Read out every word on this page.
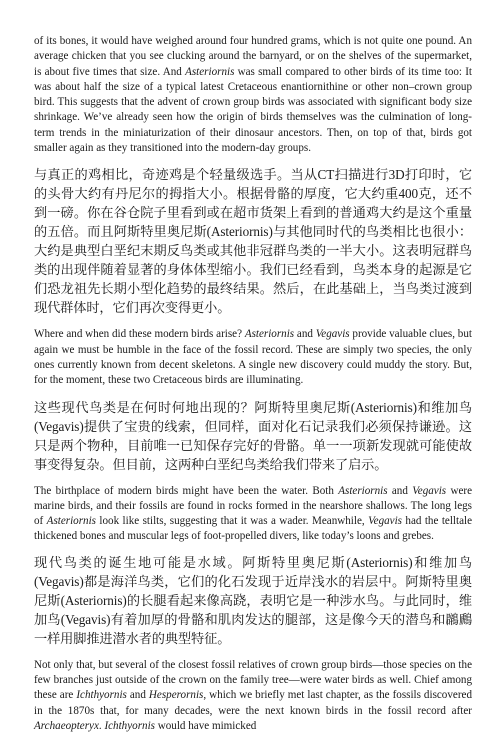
of its bones, it would have weighed around four hundred grams, which is not quite one pound. An average chicken that you see clucking around the barnyard, or on the shelves of the supermarket, is about five times that size. And Asteriornis was small compared to other birds of its time too: It was about half the size of a typical latest Cretaceous enantiornithine or other non–crown group bird. This suggests that the advent of crown group birds was associated with significant body size shrinkage. We’ve already seen how the origin of birds themselves was the culmination of long-term trends in the miniaturization of their dinosaur ancestors. Then, on top of that, birds got smaller again as they transitioned into the modern-day groups.

与真正的鸡相比，奇迹鸡是个轻量级选手。当从CT扫描进行3D打印时，它的头骨大约有丹尼尔的拇指大小。根据骨骼的厚度，它大约重400克，还不到一磅。你在谷仓院子里看到或在超市货架上看到的普通鸡大约是这个重量的五倍。而且阿斯特里奥尼斯(Asteriornis)与其他同时代的鸟类相比也很小：大约是典型白垩纪末期反鸟类或其他非冠群鸟类的一半大小。这表明冠群鸟类的出现伴随着显著的身体体型缩小。我们已经看到，鸟类本身的起源是它们恐龙祖先长期小型化趋势的最终结果。然后，在此基础上，当鸟类过渡到现代群体时，它们再次变得更小。

Where and when did these modern birds arise? Asteriornis and Vegavis provide valuable clues, but again we must be humble in the face of the fossil record. These are simply two species, the only ones currently known from decent skeletons. A single new discovery could muddy the story. But, for the moment, these two Cretaceous birds are illuminating.

这些现代鸟类是在何时何地出现的？阿斯特里奥尼斯(Asteriornis)和维加鸟(Vegavis)提供了宝贵的线索，但同样，面对化石记录我们必须保持谦逊。这只是两个物种，目前唯一已知保存完好的骨骼。单一一项新发现就可能使故事变得复杂。但目前，这两种白垩纪鸟类给我们带来了启示。

The birthplace of modern birds might have been the water. Both Asteriornis and Vegavis were marine birds, and their fossils are found in rocks formed in the nearshore shallows. The long legs of Asteriornis look like stilts, suggesting that it was a wader. Meanwhile, Vegavis had the telltale thickened bones and muscular legs of foot-propelled divers, like today’s loons and grebes.

现代鸟类的诞生地可能是水域。阿斯特里奥尼斯(Asteriornis)和维加鸟(Vegavis)都是海洋鸟类，它们的化石发现于近岸浅水的岩层中。阿斯特里奥尼斯(Asteriornis)的长腿看起来像高跷，表明它是一种涉水鸟。与此同时，维加鸟(Vegavis)有着加厚的骨骼和肌肉发达的腿部，这是像今天的潜鸟和鸊鷉一样用脚推进潜水者的典型特征。

Not only that, but several of the closest fossil relatives of crown group birds—those species on the few branches just outside of the crown on the family tree—were water birds as well. Chief among these are Ichthyornis and Hesperornis, which we briefly met last chapter, as the fossils discovered in the 1870s that, for many decades, were the next known birds in the fossil record after Archaeopteryx. Ichthyornis would have mimicked
